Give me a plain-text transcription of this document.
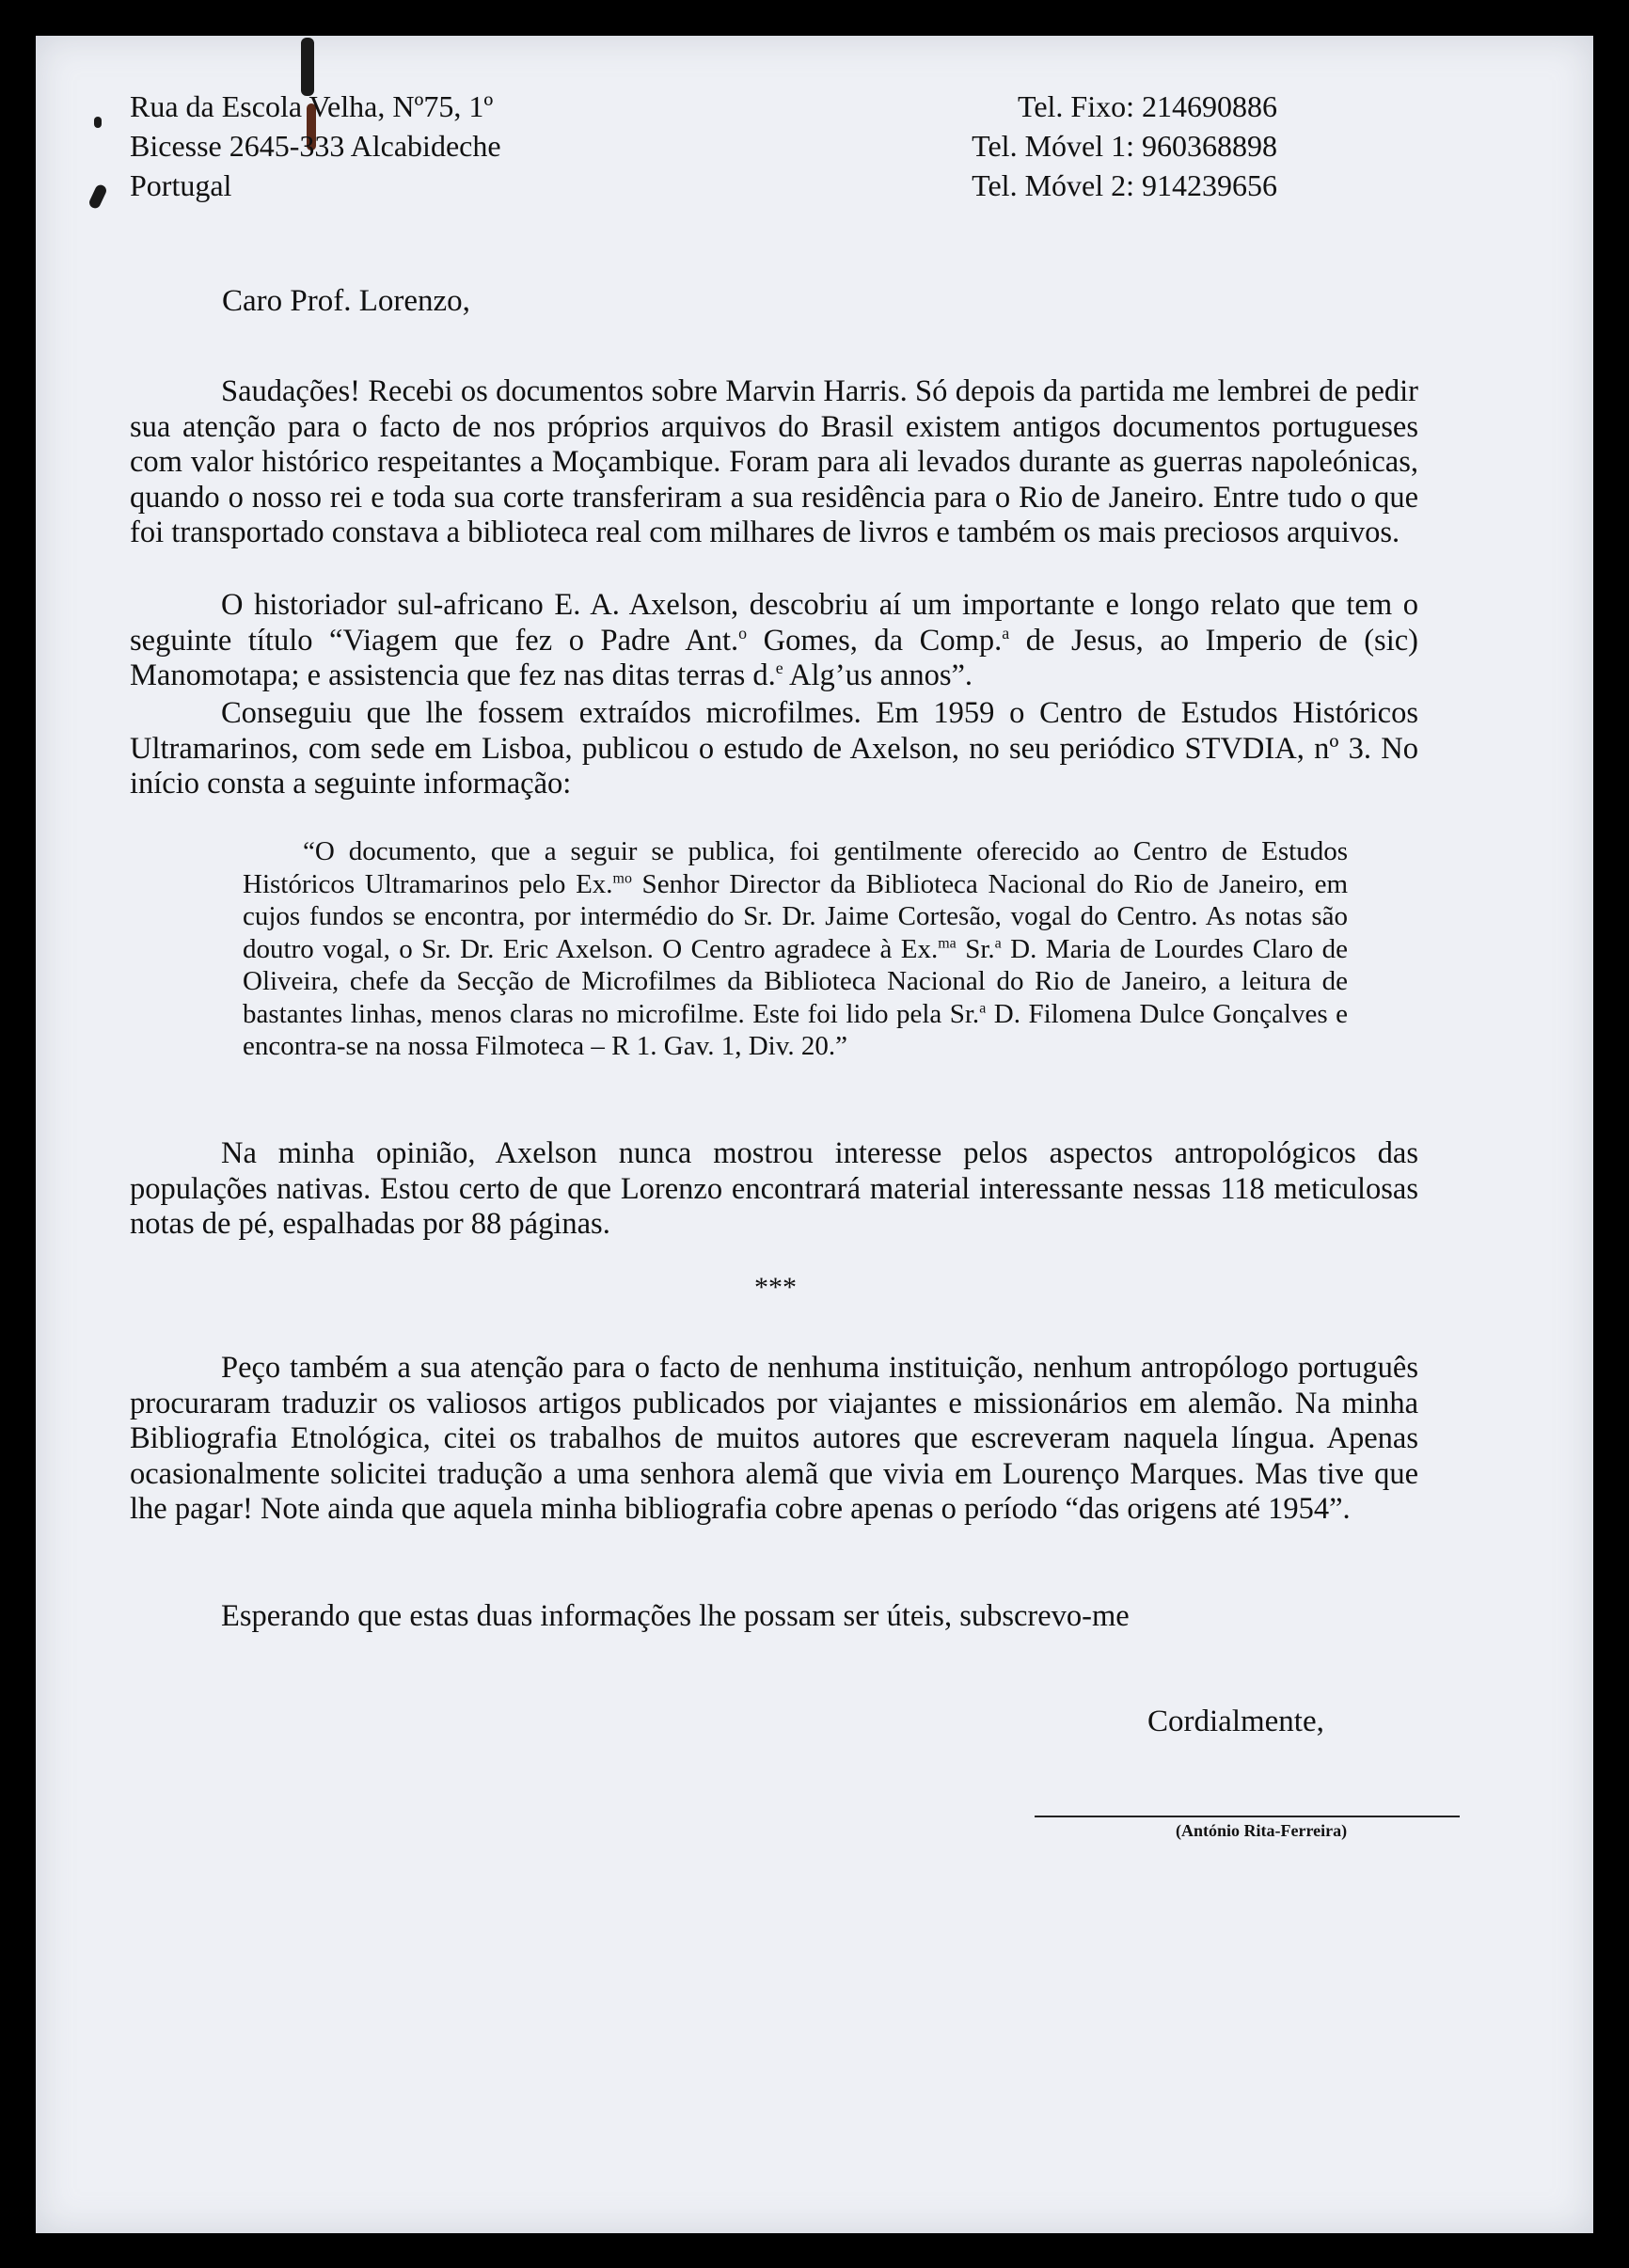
Rua da Escola Velha, Nº75, 1º
Bicesse 2645-333 Alcabideche
Portugal
Tel. Fixo: 214690886
Tel. Móvel 1: 960368898
Tel. Móvel 2: 914239656
Caro Prof. Lorenzo,

Saudações! Recebi os documentos sobre Marvin Harris. Só depois da partida me lembrei de pedir sua atenção para o facto de nos próprios arquivos do Brasil existem antigos documentos portugueses com valor histórico respeitantes a Moçambique. Foram para ali levados durante as guerras napoleónicas, quando o nosso rei e toda sua corte transferiram a sua residência para o Rio de Janeiro. Entre tudo o que foi transportado constava a biblioteca real com milhares de livros e também os mais preciosos arquivos.

O historiador sul-africano E. A. Axelson, descobriu aí um importante e longo relato que tem o seguinte título “Viagem que fez o Padre Ant.$^o$ Gomes, da Comp.$^a$ de Jesus, ao Imperio de (sic) Manomotapa; e assistencia que fez nas ditas terras d.$^e$ Alg’us annos”.

Conseguiu que lhe fossem extraídos microfilmes. Em 1959 o Centro de Estudos Históricos Ultramarinos, com sede em Lisboa, publicou o estudo de Axelson, no seu periódico STVDIA, nº 3. No início consta a seguinte informação:

“O documento, que a seguir se publica, foi gentilmente oferecido ao Centro de Estudos Históricos Ultramarinos pelo Ex.$^{mo}$ Senhor Director da Biblioteca Nacional do Rio de Janeiro, em cujos fundos se encontra, por intermédio do Sr. Dr. Jaime Cortesão, vogal do Centro. As notas são doutro vogal, o Sr. Dr. Eric Axelson. O Centro agradece à Ex.$^{ma}$ Sr.$^a$ D. Maria de Lourdes Claro de Oliveira, chefe da Secção de Microfilmes da Biblioteca Nacional do Rio de Janeiro, a leitura de bastantes linhas, menos claras no microfilme. Este foi lido pela Sr.$^a$ D. Filomena Dulce Gonçalves e encontra-se na nossa Filmoteca – R 1. Gav. 1, Div. 20.”

Na minha opinião, Axelson nunca mostrou interesse pelos aspectos antropológicos das populações nativas. Estou certo de que Lorenzo encontrará material interessante nessas 118 meticulosas notas de pé, espalhadas por 88 páginas.

***

Peço também a sua atenção para o facto de nenhuma instituição, nenhum antropólogo português procuraram traduzir os valiosos artigos publicados por viajantes e missionários em alemão. Na minha Bibliografia Etnológica, citei os trabalhos de muitos autores que escreveram naquela língua. Apenas ocasionalmente solicitei tradução a uma senhora alemã que vivia em Lourenço Marques. Mas tive que lhe pagar! Note ainda que aquela minha bibliografia cobre apenas o período “das origens até 1954”.

Esperando que estas duas informações lhe possam ser úteis, subscrevo-me

Cordialmente,
(António Rita-Ferreira)
